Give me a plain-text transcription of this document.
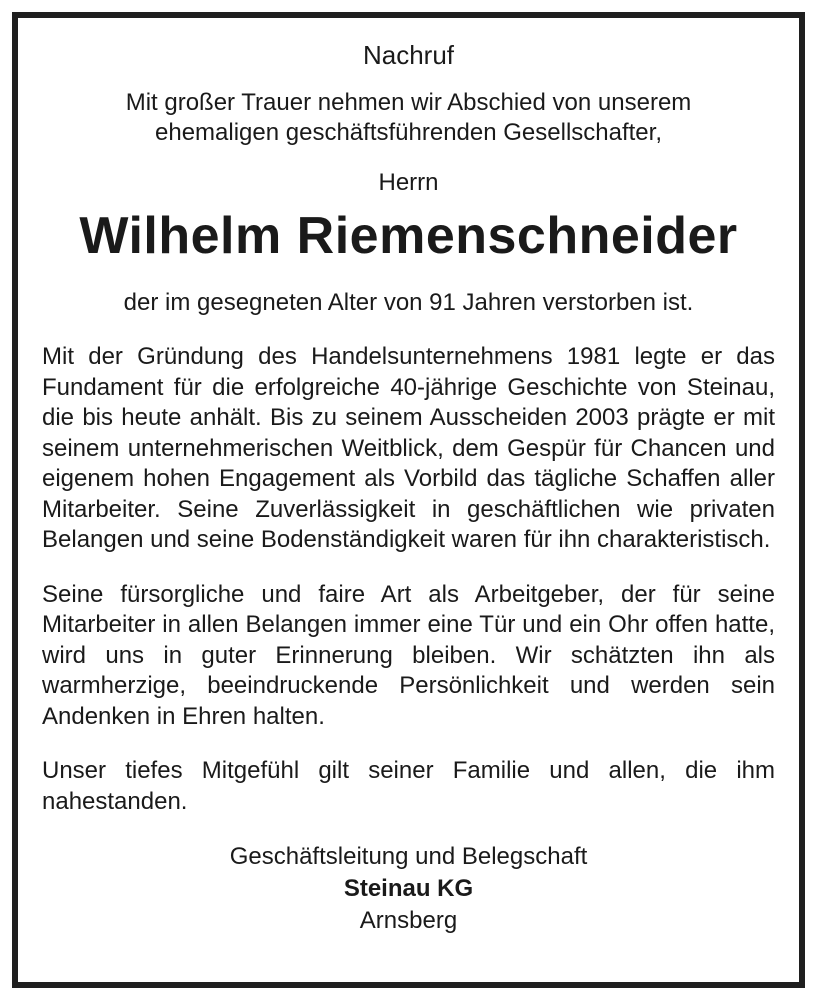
Nachruf
Mit großer Trauer nehmen wir Abschied von unserem
ehemaligen geschäftsführenden Gesellschafter,
Herrn
Wilhelm Riemenschneider
der im gesegneten Alter von 91 Jahren verstorben ist.

Mit der Gründung des Handelsunternehmens 1981 legte er das Fundament für die erfolgreiche 40-jährige Geschichte von Steinau, die bis heute anhält. Bis zu seinem Ausscheiden 2003 prägte er mit seinem unternehmerischen Weitblick, dem Gespür für Chancen und eigenem hohen Engagement als Vorbild das tägliche Schaffen aller Mitarbeiter. Seine Zuverlässigkeit in geschäftlichen wie privaten Belangen und seine Bodenständigkeit waren für ihn charakteristisch.

Seine fürsorgliche und faire Art als Arbeitgeber, der für seine Mitarbeiter in allen Belangen immer eine Tür und ein Ohr offen hatte, wird uns in guter Erinnerung bleiben. Wir schätzten ihn als warmherzige, beeindruckende Persönlichkeit und werden sein Andenken in Ehren halten.

Unser tiefes Mitgefühl gilt seiner Familie und allen, die ihm nahestanden.

Geschäftsleitung und Belegschaft
Steinau KG
Arnsberg
